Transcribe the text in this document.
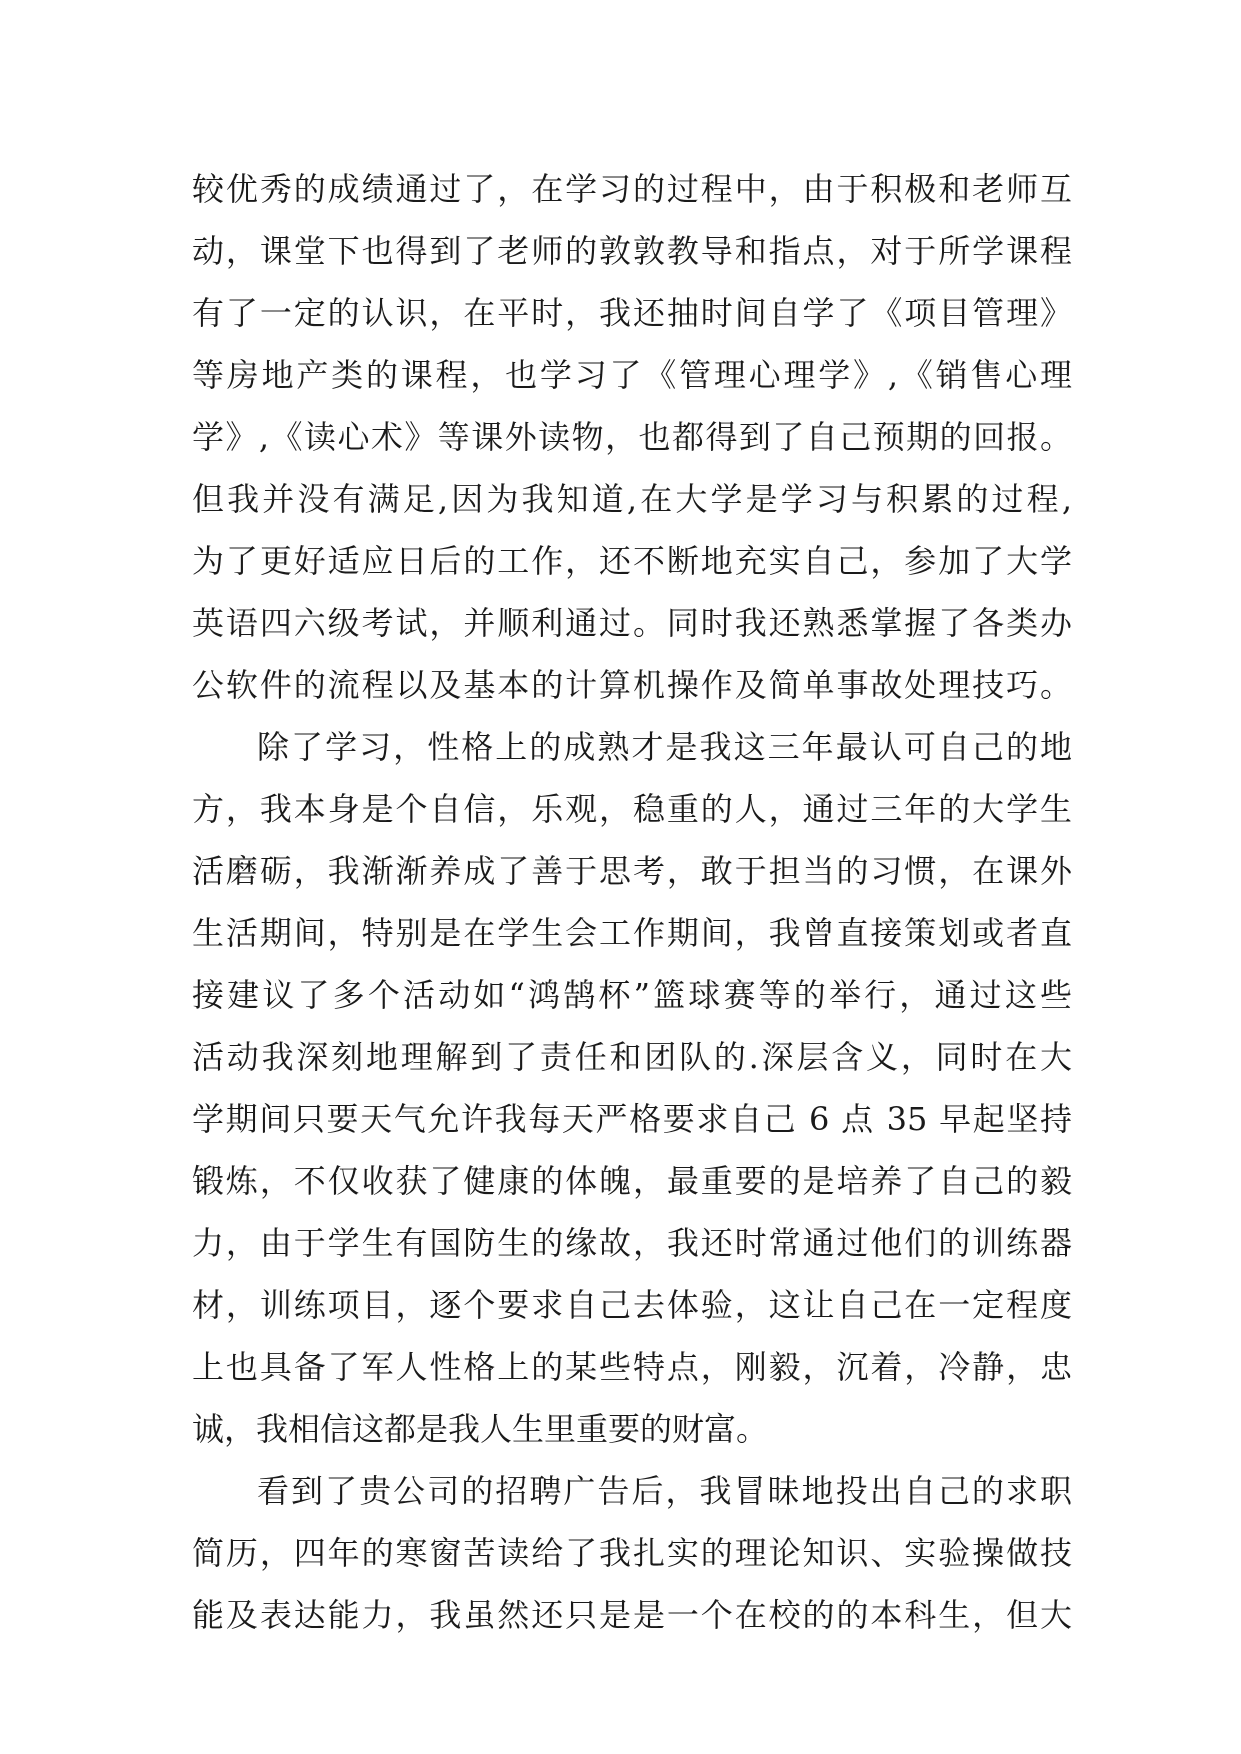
较优秀的成绩通过了，在学习的过程中，由于积极和老师互
动，课堂下也得到了老师的敦敦教导和指点，对于所学课程
有了一定的认识，在平时，我还抽时间自学了《项目管理》
等房地产类的课程，也学习了《管理心理学》,《销售心理
学》,《读心术》等课外读物，也都得到了自己预期的回报。
但我并没有满足,因为我知道,在大学是学习与积累的过程,
为了更好适应日后的工作，还不断地充实自己，参加了大学
英语四六级考试，并顺利通过。同时我还熟悉掌握了各类办
公软件的流程以及基本的计算机操作及简单事故处理技巧。
除了学习，性格上的成熟才是我这三年最认可自己的地
方，我本身是个自信，乐观，稳重的人，通过三年的大学生
活磨砺，我渐渐养成了善于思考，敢于担当的习惯，在课外
生活期间，特别是在学生会工作期间，我曾直接策划或者直
接建议了多个活动如“鸿鹄杯”篮球赛等的举行，通过这些
活动我深刻地理解到了责任和团队的.深层含义，同时在大
学期间只要天气允许我每天严格要求自己 6 点 35 早起坚持
锻炼，不仅收获了健康的体魄，最重要的是培养了自己的毅
力，由于学生有国防生的缘故，我还时常通过他们的训练器
材，训练项目，逐个要求自己去体验，这让自己在一定程度
上也具备了军人性格上的某些特点，刚毅，沉着，冷静，忠
诚，我相信这都是我人生里重要的财富。
看到了贵公司的招聘广告后，我冒昧地投出自己的求职
简历，四年的寒窗苦读给了我扎实的理论知识、实验操做技
能及表达能力，我虽然还只是是一个在校的的本科生，但大
